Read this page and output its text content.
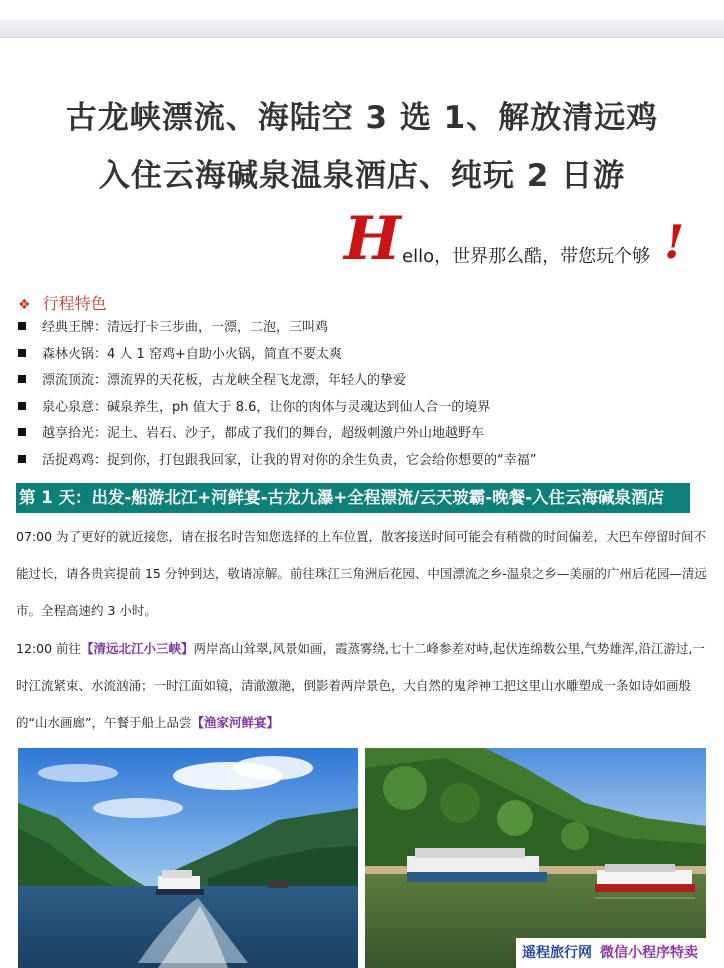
古龙峡漂流、海陆空 3 选 1、解放清远鸡
入住云海碱泉温泉酒店、纯玩 2 日游
H ello，世界那么酷，带您玩个够 !
❖ 行程特色
经典王牌：清远打卡三步曲，一漂，二泡，三叫鸡
森林火锅：4 人 1 窑鸡+自助小火锅，简直不要太爽
漂流顶流：漂流界的天花板，古龙峡全程飞龙漂，年轻人的挚爱
泉心泉意：碱泉养生，ph 值大于 8.6，让你的肉体与灵魂达到仙人合一的境界
越享拾光：泥土、岩石、沙子，都成了我们的舞台，超级刺激户外山地越野车
活捉鸡鸡：捉到你，打包跟我回家，让我的胃对你的余生负责，它会给你想要的“幸福”
第 1 天：出发-船游北江+河鲜宴-古龙九瀑+全程漂流/云天玻霸-晚餐-入住云海碱泉酒店
07:00 为了更好的就近接您，请在报名时告知您选择的上车位置，散客接送时间可能会有稍微的时间偏差，大巴车停留时间不能过长，请各贵宾提前 15 分钟到达，敬请凉解。前往珠江三角洲后花园、中国漂流之乡-温泉之乡—美丽的广州后花园—清远市。全程高速约 3 小时。
12:00 前往【清远北江小三峡】两岸高山耸翠,风景如画，霞蒸雾绕,七十二峰参差对峙,起伏连绵数公里,气势雄浑,沿江游过,一时江流紧束、水流汹涌；一时江面如镜，清澈激滟，倒影着两岸景色，大自然的鬼斧神工把这里山水雕塑成一条如诗如画般的“山水画廊”，午餐于船上品尝【渔家河鲜宴】
遥程旅行网 微信小程序特卖
